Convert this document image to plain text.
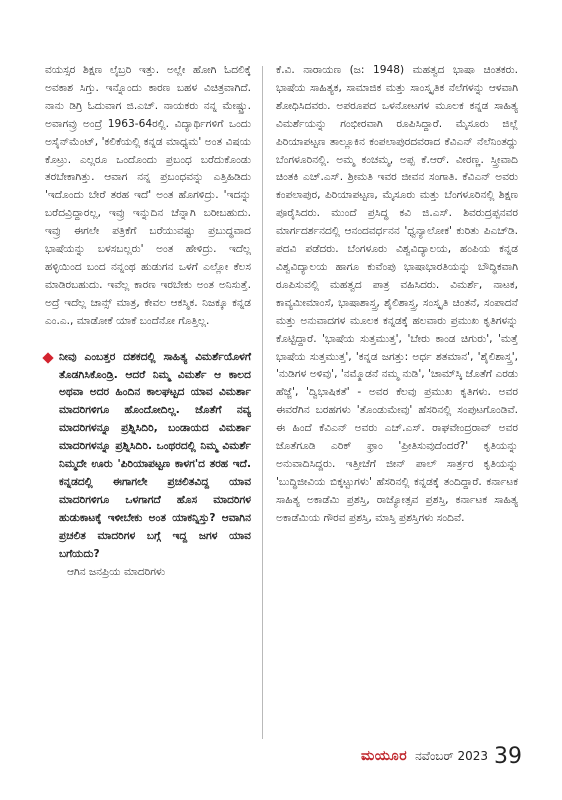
ವಯಸ್ಸರ ಶಿಕ್ಷಣ ಲೈಬ್ರರಿ ಇತ್ತು. ಅಲ್ಲೇ ಹೋಗಿ ಓದಲಿಕ್ಕೆ ಅವಕಾಶ ಸಿಗ್ತು. ಇನ್ನೊಂದು ಕಾರಣ ಬಹಳ ವಿಚಿತ್ರವಾಗಿದೆ. ನಾನು ಡಿಗ್ರಿ ಓದುವಾಗ ಜಿ.ಎಚ್. ನಾಯಕರು ನನ್ನ ಮೇಷ್ಟ್ರು. ಅವಾಗವ್ರು ಅಂದ್ರೆ 1963-64ರಲ್ಲಿ. ವಿದ್ಯಾರ್ಥಿಗಳಿಗೆ ಒಂದು ಅಸೈನ್‌ಮೆಂಟ್, 'ಕಲಿಕೆಯಲ್ಲಿ ಕನ್ನಡ ಮಾಧ್ಯಮ' ಅಂತ ವಿಷಯ ಕೊಟ್ರು. ಎಲ್ಲರೂ ಒಂದೊಂದು ಪ್ರಬಂಧ ಬರೆದುಕೊಂಡು ತರಬೇಕಾಗಿತ್ತು. ಆವಾಗ ನನ್ನ ಪ್ರಬಂಧವನ್ನು ಎತ್ತಿಹಿಡಿದು 'ಇದೊಂದು ಬೇರೆ ತರಹ ಇದೆ' ಅಂತ ಹೊಗಳಿದ್ರು. 'ಇದನ್ನು ಬರೆದವ್ರಿದ್ದಾರಲ್ಲ, ಇವ್ರು ಇನ್ನುದಿನ ಚೆನ್ನಾಗಿ ಬರೀಬಹುದು. ಇವ್ರು ಈಗಲೇ ಪತ್ರಿಕೆಗೆ ಬರೆಯುವಷ್ಟು ಪ್ರಬುದ್ಧವಾದ ಭಾಷೆಯನ್ನು ಬಳಸಬಲ್ಲರು' ಅಂತ ಹೇಳಿದ್ರು. ಇದೆಲ್ಲ ಹಳ್ಳಿಯಿಂದ ಬಂದ ನನ್ನಂಥ ಹುಡುಗನ ಒಳಗೆ ಎಲ್ಲೋ ಕೆಲಸ ಮಾಡಿರಬಹುದು. ಇವೆಲ್ಲ ಕಾರಣ ಇರಬೇಕು ಅಂತ ಅನಿಸುತ್ತೆ. ಅದ್ರೆ ಇದೆಲ್ಲ ಚಾನ್ಸ್ ಮಾತ್ರ, ಕೇವಲ ಆಕಸ್ಮಿಕ. ನಿಜಕ್ಕೂ ಕನ್ನಡ ಎಂ.ಎ., ಮಾಡೋಕೆ ಯಾಕೆ ಬಂದೆನೋ ಗೊತ್ತಿಲ್ಲ.

ನೀವು ಎಂಬತ್ತರ ದಶಕದಲ್ಲಿ ಸಾಹಿತ್ಯ ವಿಮರ್ಶೆಯೊಳಗೆ ತೊಡಗಿಸಿಕೊಂಡ್ರಿ. ಆದರೆ ನಿಮ್ಮ ವಿಮರ್ಶೆ ಆ ಕಾಲದ ಅಥವಾ ಅದರ ಹಿಂದಿನ ಕಾಲಘಟ್ಟದ ಯಾವ ವಿಮರ್ಶಾ ಮಾದರಿಗಳಿಗೂ ಹೊಂದೋದಿಲ್ಲ. ಜೊತೆಗೆ ನವ್ಯ ಮಾದರಿಗಳನ್ನೂ ಪ್ರಶ್ನಿಸಿದಿರಿ, ಬಂಡಾಯದ ವಿಮರ್ಶಾ ಮಾದರಿಗಳನ್ನೂ ಪ್ರಶ್ನಿಸಿದಿರಿ. ಒಂಥರದಲ್ಲಿ ನಿಮ್ಮ ವಿಮರ್ಶೆ ನಿಮ್ಮದೇ ಊರು 'ಪಿರಿಯಾಪಟ್ಟಣ ಕಾಳಗ'ದ ತರಹ ಇದೆ. ಕನ್ನಡದಲ್ಲಿ ಈಗಾಗಲೇ ಪ್ರಚಲಿತವಿದ್ದ ಯಾವ ಮಾದರಿಗಳಿಗೂ ಒಳಗಾಗದೆ ಹೊಸ ಮಾದರಿಗಳ ಹುಡುಕಾಟಕ್ಕೆ ಇಳೀಬೇಕು ಅಂತ ಯಾಕನ್ನಿಸ್ತು? ಆವಾಗಿನ ಪ್ರಚಲಿತ ಮಾದರಿಗಳ ಬಗ್ಗೆ ಇದ್ದ ಜಗಳ ಯಾವ ಬಗೆಯದು?

ಆಗಿನ ಜನಪ್ರಿಯ ಮಾದರಿಗಳು

ಕೆ.ವಿ. ನಾರಾಯಣ (ಜ: 1948) ಮಹತ್ವದ ಭಾಷಾ ಚಿಂತಕರು. ಭಾಷೆಯ ಸಾಹಿತ್ಯಕ, ಸಾಮಾಜಿಕ ಮತ್ತು ಸಾಂಸ್ಕೃತಿಕ ನೆಲೆಗಳನ್ನು ಆಳವಾಗಿ ಶೋಧಿಸಿದವರು. ಅಪರೂಪದ ಒಳನೋಟಗಳ ಮೂಲಕ ಕನ್ನಡ ಸಾಹಿತ್ಯ ವಿಮರ್ಶೆಯನ್ನು ಗಂಭೀರವಾಗಿ ರೂಪಿಸಿದ್ದಾರೆ. ಮೈಸೂರು ಜಿಲ್ಲೆ ಪಿರಿಯಾಪಟ್ಟಣ ತಾಲ್ಲೂಕಿನ ಕಂಪಲಾಪುರದವರಾದ ಕೆವಿಎನ್ ನೆಲೆನಿಂತದ್ದು ಬೆಂಗಳೂರಿನಲ್ಲಿ. ಅಮ್ಮ ಕಂಚಮ್ಮ, ಅಪ್ಪ ಕೆ.ಆರ್. ವೀರಣ್ಣ. ಸ್ತ್ರೀವಾದಿ ಚಿಂತಕಿ ಎಚ್.ಎಸ್. ಶ್ರೀಮತಿ ಇವರ ಜೀವನ ಸಂಗಾತಿ. ಕೆವಿಎನ್ ಅವರು ಕಂಪಲಾಪುರ, ಪಿರಿಯಾಪಟ್ಟಣ, ಮೈಸೂರು ಮತ್ತು ಬೆಂಗಳೂರಿನಲ್ಲಿ ಶಿಕ್ಷಣ ಪೂರೈಸಿದರು. ಮುಂದೆ ಪ್ರಸಿದ್ಧ ಕವಿ ಜಿ.ಎಸ್. ಶಿವರುದ್ರಪ್ಪನವರ ಮಾರ್ಗದರ್ಶನದಲ್ಲಿ ಆನಂದವರ್ಧನನ 'ಧ್ವನ್ಯಾಲೋಕ' ಕುರಿತು ಪಿಎಚ್‌ಡಿ. ಪದವಿ ಪಡೆದರು. ಬೆಂಗಳೂರು ವಿಶ್ವವಿದ್ಯಾಲಯ, ಹಂಪಿಯ ಕನ್ನಡ ವಿಶ್ವವಿದ್ಯಾಲಯ ಹಾಗೂ ಕುವೆಂಪು ಭಾಷಾಭಾರತಿಯನ್ನು ಬೌದ್ಧಿಕವಾಗಿ ರೂಪಿಸುವಲ್ಲಿ ಮಹತ್ವದ ಪಾತ್ರ ವಹಿಸಿದರು. ವಿಮರ್ಶೆ, ನಾಟಕ, ಕಾವ್ಯಮೀಮಾಂಸೆ, ಭಾಷಾಶಾಸ್ತ್ರ, ಶೈಲಿಶಾಸ್ತ್ರ, ಸಂಸ್ಕೃತಿ ಚಿಂತನೆ, ಸಂಪಾದನೆ ಮತ್ತು ಅನುವಾದಗಳ ಮೂಲಕ ಕನ್ನಡಕ್ಕೆ ಹಲವಾರು ಪ್ರಮುಖ ಕೃತಿಗಳನ್ನು ಕೊಟ್ಟಿದ್ದಾರೆ. 'ಭಾಷೆಯ ಸುತ್ತಮುತ್ತ', 'ಬೇರು ಕಾಂಡ ಚಿಗುರು', 'ಮತ್ತೆ ಭಾಷೆಯ ಸುತ್ತಮುತ್ತ', 'ಕನ್ನಡ ಜಗತ್ತು: ಅರ್ಧ ಶತಮಾನ', 'ಶೈಲಿಶಾಸ್ತ್ರ', 'ನುಡಿಗಳ ಅಳಿವು', 'ನಮ್ಮೊಡನೆ ನಮ್ಮ ನುಡಿ', 'ಚಾಮ್‌ಸ್ಕಿ ಜೊತೆಗೆ ಎರಡು ಹೆಜ್ಜೆ', 'ದ್ವಿಭಾಷಿಕತೆ' - ಅವರ ಕೆಲವು ಪ್ರಮುಖ ಕೃತಿಗಳು. ಅವರ ಈವರೆಗಿನ ಬರಹಗಳು 'ತೊಂಡುಮೇವು' ಹೆಸರಿನಲ್ಲಿ ಸಂಪುಟಗೊಂಡಿವೆ. ಈ ಹಿಂದೆ ಕೆವಿಎನ್ ಅವರು ಎಚ್.ಎಸ್. ರಾಘವೇಂದ್ರರಾವ್ ಅವರ ಜೊತೆಗೂಡಿ ಎರಿಕ್ ಫ್ರಾಂ 'ಪ್ರೀತಿಸುವುದೆಂದರೆ?' ಕೃತಿಯನ್ನು ಅನುವಾದಿಸಿದ್ದರು. ಇತ್ತೀಚೆಗೆ ಜೀನ್ ಪಾಲ್ ಸಾರ್ತ್ರರ ಕೃತಿಯನ್ನು 'ಬುದ್ಧಿಜೀವಿಯ ಬಿಕ್ಕಟ್ಟುಗಳು' ಹೆಸರಿನಲ್ಲಿ ಕನ್ನಡಕ್ಕೆ ತಂದಿದ್ದಾರೆ. ಕರ್ನಾಟಕ ಸಾಹಿತ್ಯ ಅಕಾಡೆಮಿ ಪ್ರಶಸ್ತಿ, ರಾಜ್ಯೋತ್ಸವ ಪ್ರಶಸ್ತಿ, ಕರ್ನಾಟಕ ಸಾಹಿತ್ಯ ಅಕಾಡೆಮಿಯ ಗೌರವ ಪ್ರಶಸ್ತಿ, ಮಾಸ್ತಿ ಪ್ರಶಸ್ತಿಗಳು ಸಂದಿವೆ.

ಮಯೂರ ನವೆಂಬರ್ 2023 39
